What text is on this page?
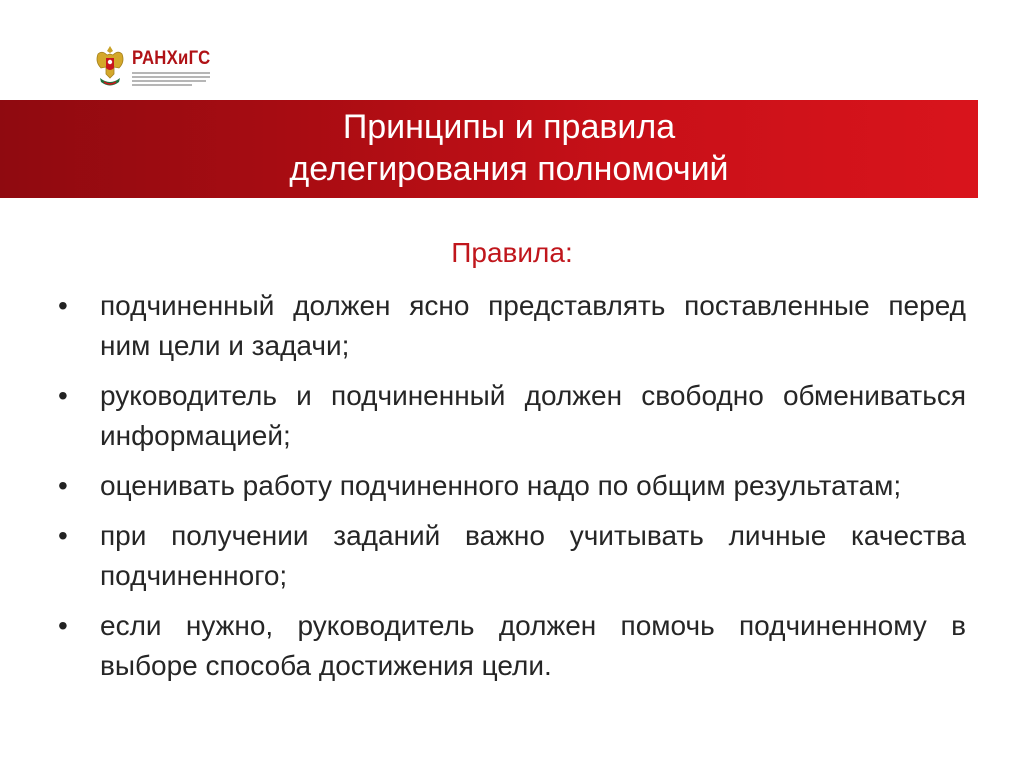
РАНХиГС
Принципы и правила
делегирования полномочий
Правила:
• подчиненный должен ясно представлять поставленные перед ним цели и задачи;
• руководитель и подчиненный должен свободно обмениваться информацией;
• оценивать работу подчиненного надо по общим результатам;
• при получении заданий важно учитывать личные качества подчиненного;
• если нужно, руководитель должен помочь подчиненному в выборе способа достижения цели.
